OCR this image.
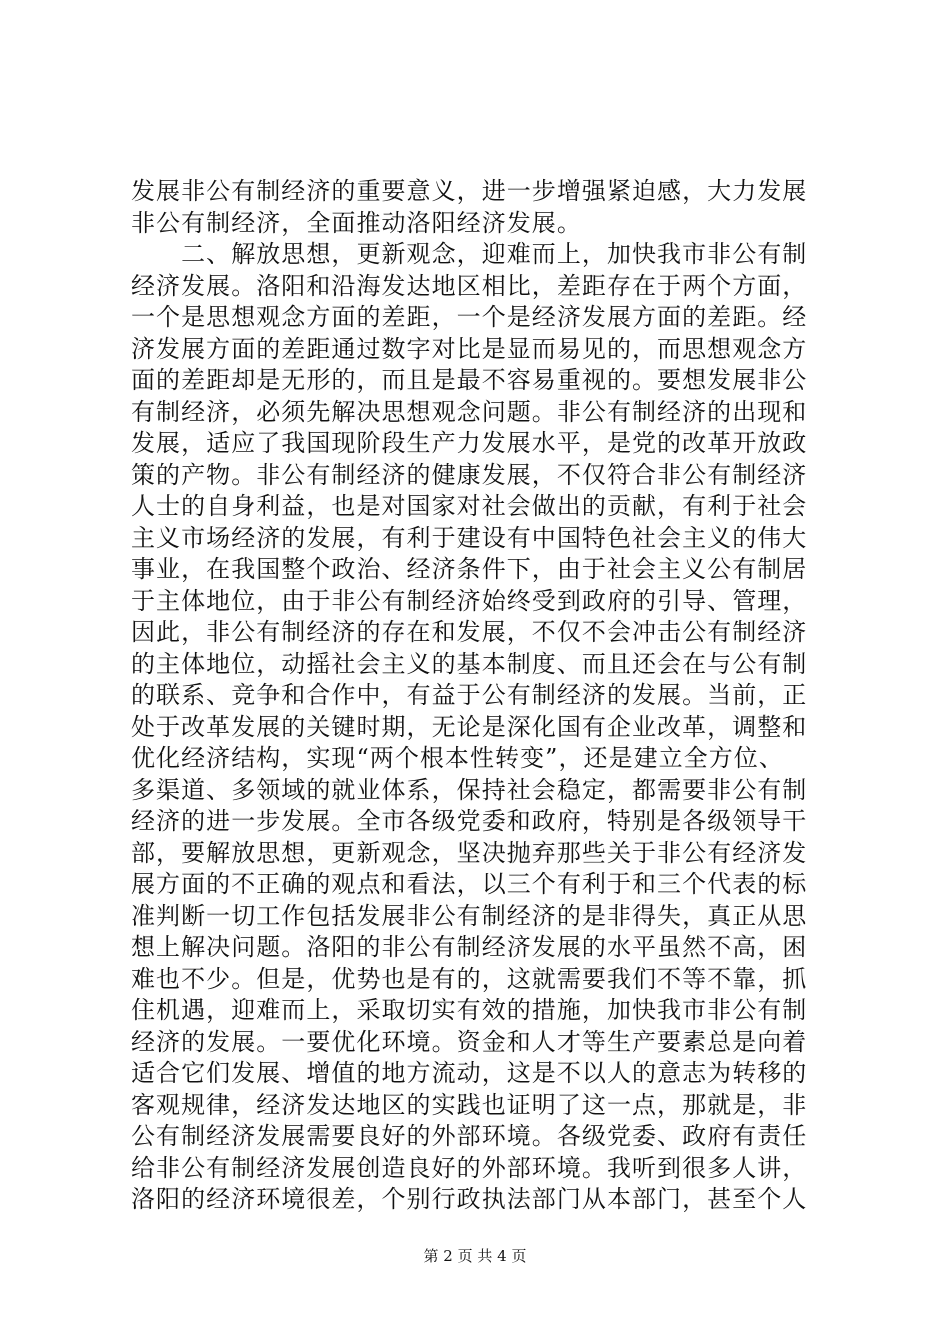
发展非公有制经济的重要意义，进一步增强紧迫感，大力发展
非公有制经济，全面推动洛阳经济发展。
　　二、解放思想，更新观念，迎难而上，加快我市非公有制
经济发展。洛阳和沿海发达地区相比，差距存在于两个方面，
一个是思想观念方面的差距，一个是经济发展方面的差距。经
济发展方面的差距通过数字对比是显而易见的，而思想观念方
面的差距却是无形的，而且是最不容易重视的。要想发展非公
有制经济，必须先解决思想观念问题。非公有制经济的出现和
发展，适应了我国现阶段生产力发展水平，是党的改革开放政
策的产物。非公有制经济的健康发展，不仅符合非公有制经济
人士的自身利益，也是对国家对社会做出的贡献，有利于社会
主义市场经济的发展，有利于建设有中国特色社会主义的伟大
事业，在我国整个政治、经济条件下，由于社会主义公有制居
于主体地位，由于非公有制经济始终受到政府的引导、管理，
因此，非公有制经济的存在和发展，不仅不会冲击公有制经济
的主体地位，动摇社会主义的基本制度、而且还会在与公有制
的联系、竞争和合作中，有益于公有制经济的发展。当前，正
处于改革发展的关键时期，无论是深化国有企业改革，调整和
优化经济结构，实现“两个根本性转变”，还是建立全方位、
多渠道、多领域的就业体系，保持社会稳定，都需要非公有制
经济的进一步发展。全市各级党委和政府，特别是各级领导干
部，要解放思想，更新观念，坚决抛弃那些关于非公有经济发
展方面的不正确的观点和看法，以三个有利于和三个代表的标
准判断一切工作包括发展非公有制经济的是非得失，真正从思
想上解决问题。洛阳的非公有制经济发展的水平虽然不高，困
难也不少。但是，优势也是有的，这就需要我们不等不靠，抓
住机遇，迎难而上，采取切实有效的措施，加快我市非公有制
经济的发展。一要优化环境。资金和人才等生产要素总是向着
适合它们发展、增值的地方流动，这是不以人的意志为转移的
客观规律，经济发达地区的实践也证明了这一点，那就是，非
公有制经济发展需要良好的外部环境。各级党委、政府有责任
给非公有制经济发展创造良好的外部环境。我听到很多人讲，
洛阳的经济环境很差，个别行政执法部门从本部门，甚至个人
第 2 页 共 4 页
